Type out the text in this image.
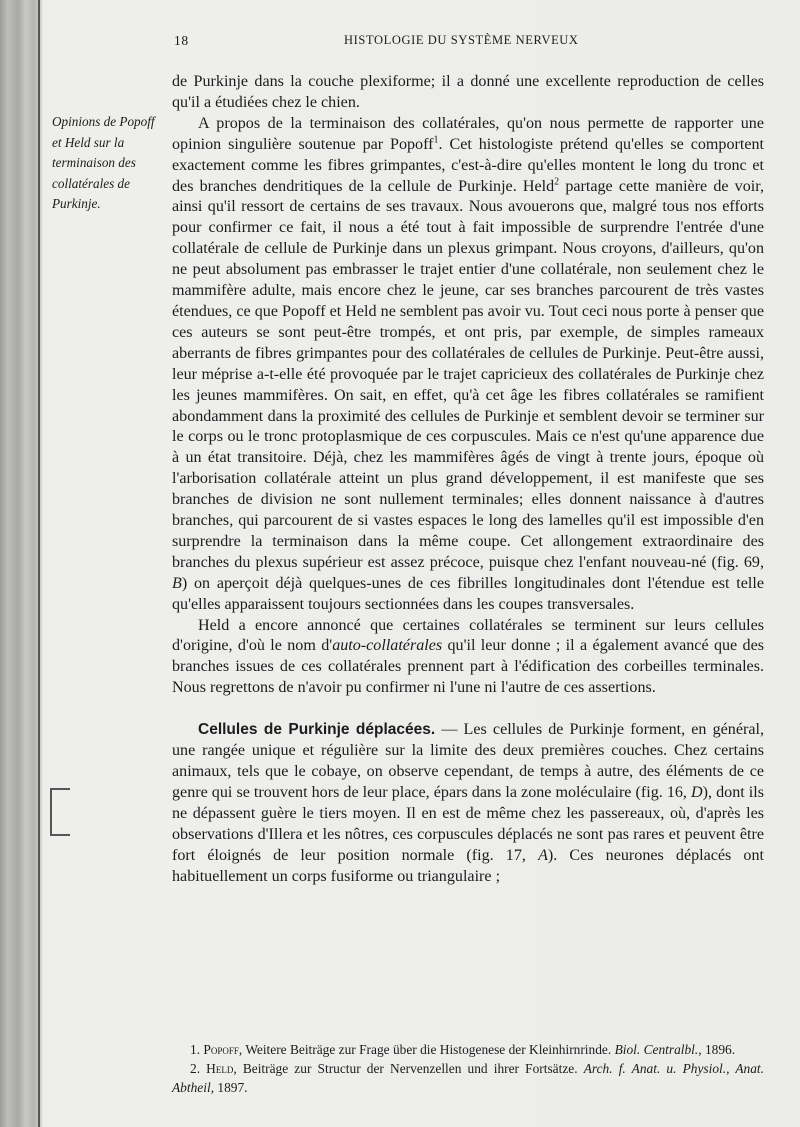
18	HISTOLOGIE DU SYSTÈME NERVEUX
Opinions de Popoff et Held sur la terminaison des collatérales de Purkinje.

de Purkinje dans la couche plexiforme; il a donné une excellente reproduction de celles qu'il a étudiées chez le chien.

A propos de la terminaison des collatérales, qu'on nous permette de rapporter une opinion singulière soutenue par Popoff$^1$. Cet histologiste prétend qu'elles se comportent exactement comme les fibres grimpantes, c'est-à-dire qu'elles montent le long du tronc et des branches dendritiques de la cellule de Purkinje. Held$^2$ partage cette manière de voir, ainsi qu'il ressort de certains de ses travaux. Nous avouerons que, malgré tous nos efforts pour confirmer ce fait, il nous a été tout à fait impossible de surprendre l'entrée d'une collatérale de cellule de Purkinje dans un plexus grimpant. Nous croyons, d'ailleurs, qu'on ne peut absolument pas embrasser le trajet entier d'une collatérale, non seulement chez le mammifère adulte, mais encore chez le jeune, car ses branches parcourent de très vastes étendues, ce que Popoff et Held ne semblent pas avoir vu. Tout ceci nous porte à penser que ces auteurs se sont peut-être trompés, et ont pris, par exemple, de simples rameaux aberrants de fibres grimpantes pour des collatérales de cellules de Purkinje. Peut-être aussi, leur méprise a-t-elle été provoquée par le trajet capricieux des collatérales de Purkinje chez les jeunes mammifères. On sait, en effet, qu'à cet âge les fibres collatérales se ramifient abondamment dans la proximité des cellules de Purkinje et semblent devoir se terminer sur le corps ou le tronc protoplasmique de ces corpuscules. Mais ce n'est qu'une apparence due à un état transitoire. Déjà, chez les mammifères âgés de vingt à trente jours, époque où l'arborisation collatérale atteint un plus grand développement, il est manifeste que ses branches de division ne sont nullement terminales; elles donnent naissance à d'autres branches, qui parcourent de si vastes espaces le long des lamelles qu'il est impossible d'en surprendre la terminaison dans la même coupe. Cet allongement extraordinaire des branches du plexus supérieur est assez précoce, puisque chez l'enfant nouveau-né (fig. 69, B) on aperçoit déjà quelques-unes de ces fibrilles longitudinales dont l'étendue est telle qu'elles apparaissent toujours sectionnées dans les coupes transversales.

Held a encore annoncé que certaines collatérales se terminent sur leurs cellules d'origine, d'où le nom d'auto-collatérales qu'il leur donne ; il a également avancé que des branches issues de ces collatérales prennent part à l'édification des corbeilles terminales. Nous regrettons de n'avoir pu confirmer ni l'une ni l'autre de ces assertions.

Cellules de Purkinje déplacées. — Les cellules de Purkinje forment, en général, une rangée unique et régulière sur la limite des deux premières couches. Chez certains animaux, tels que le cobaye, on observe cependant, de temps à autre, des éléments de ce genre qui se trouvent hors de leur place, épars dans la zone moléculaire (fig. 16, D), dont ils ne dépassent guère le tiers moyen. Il en est de même chez les passereaux, où, d'après les observations d'Illera et les nôtres, ces corpuscules déplacés ne sont pas rares et peuvent être fort éloignés de leur position normale (fig. 17, A). Ces neurones déplacés ont habituellement un corps fusiforme ou triangulaire ;

1. Popoff, Weitere Beiträge zur Frage über die Histogenese der Kleinhirnrinde. Biol. Centralbl., 1896.

2. Held, Beiträge zur Structur der Nervenzellen und ihrer Fortsätze. Arch. f. Anat. u. Physiol., Anat. Abtheil, 1897.
